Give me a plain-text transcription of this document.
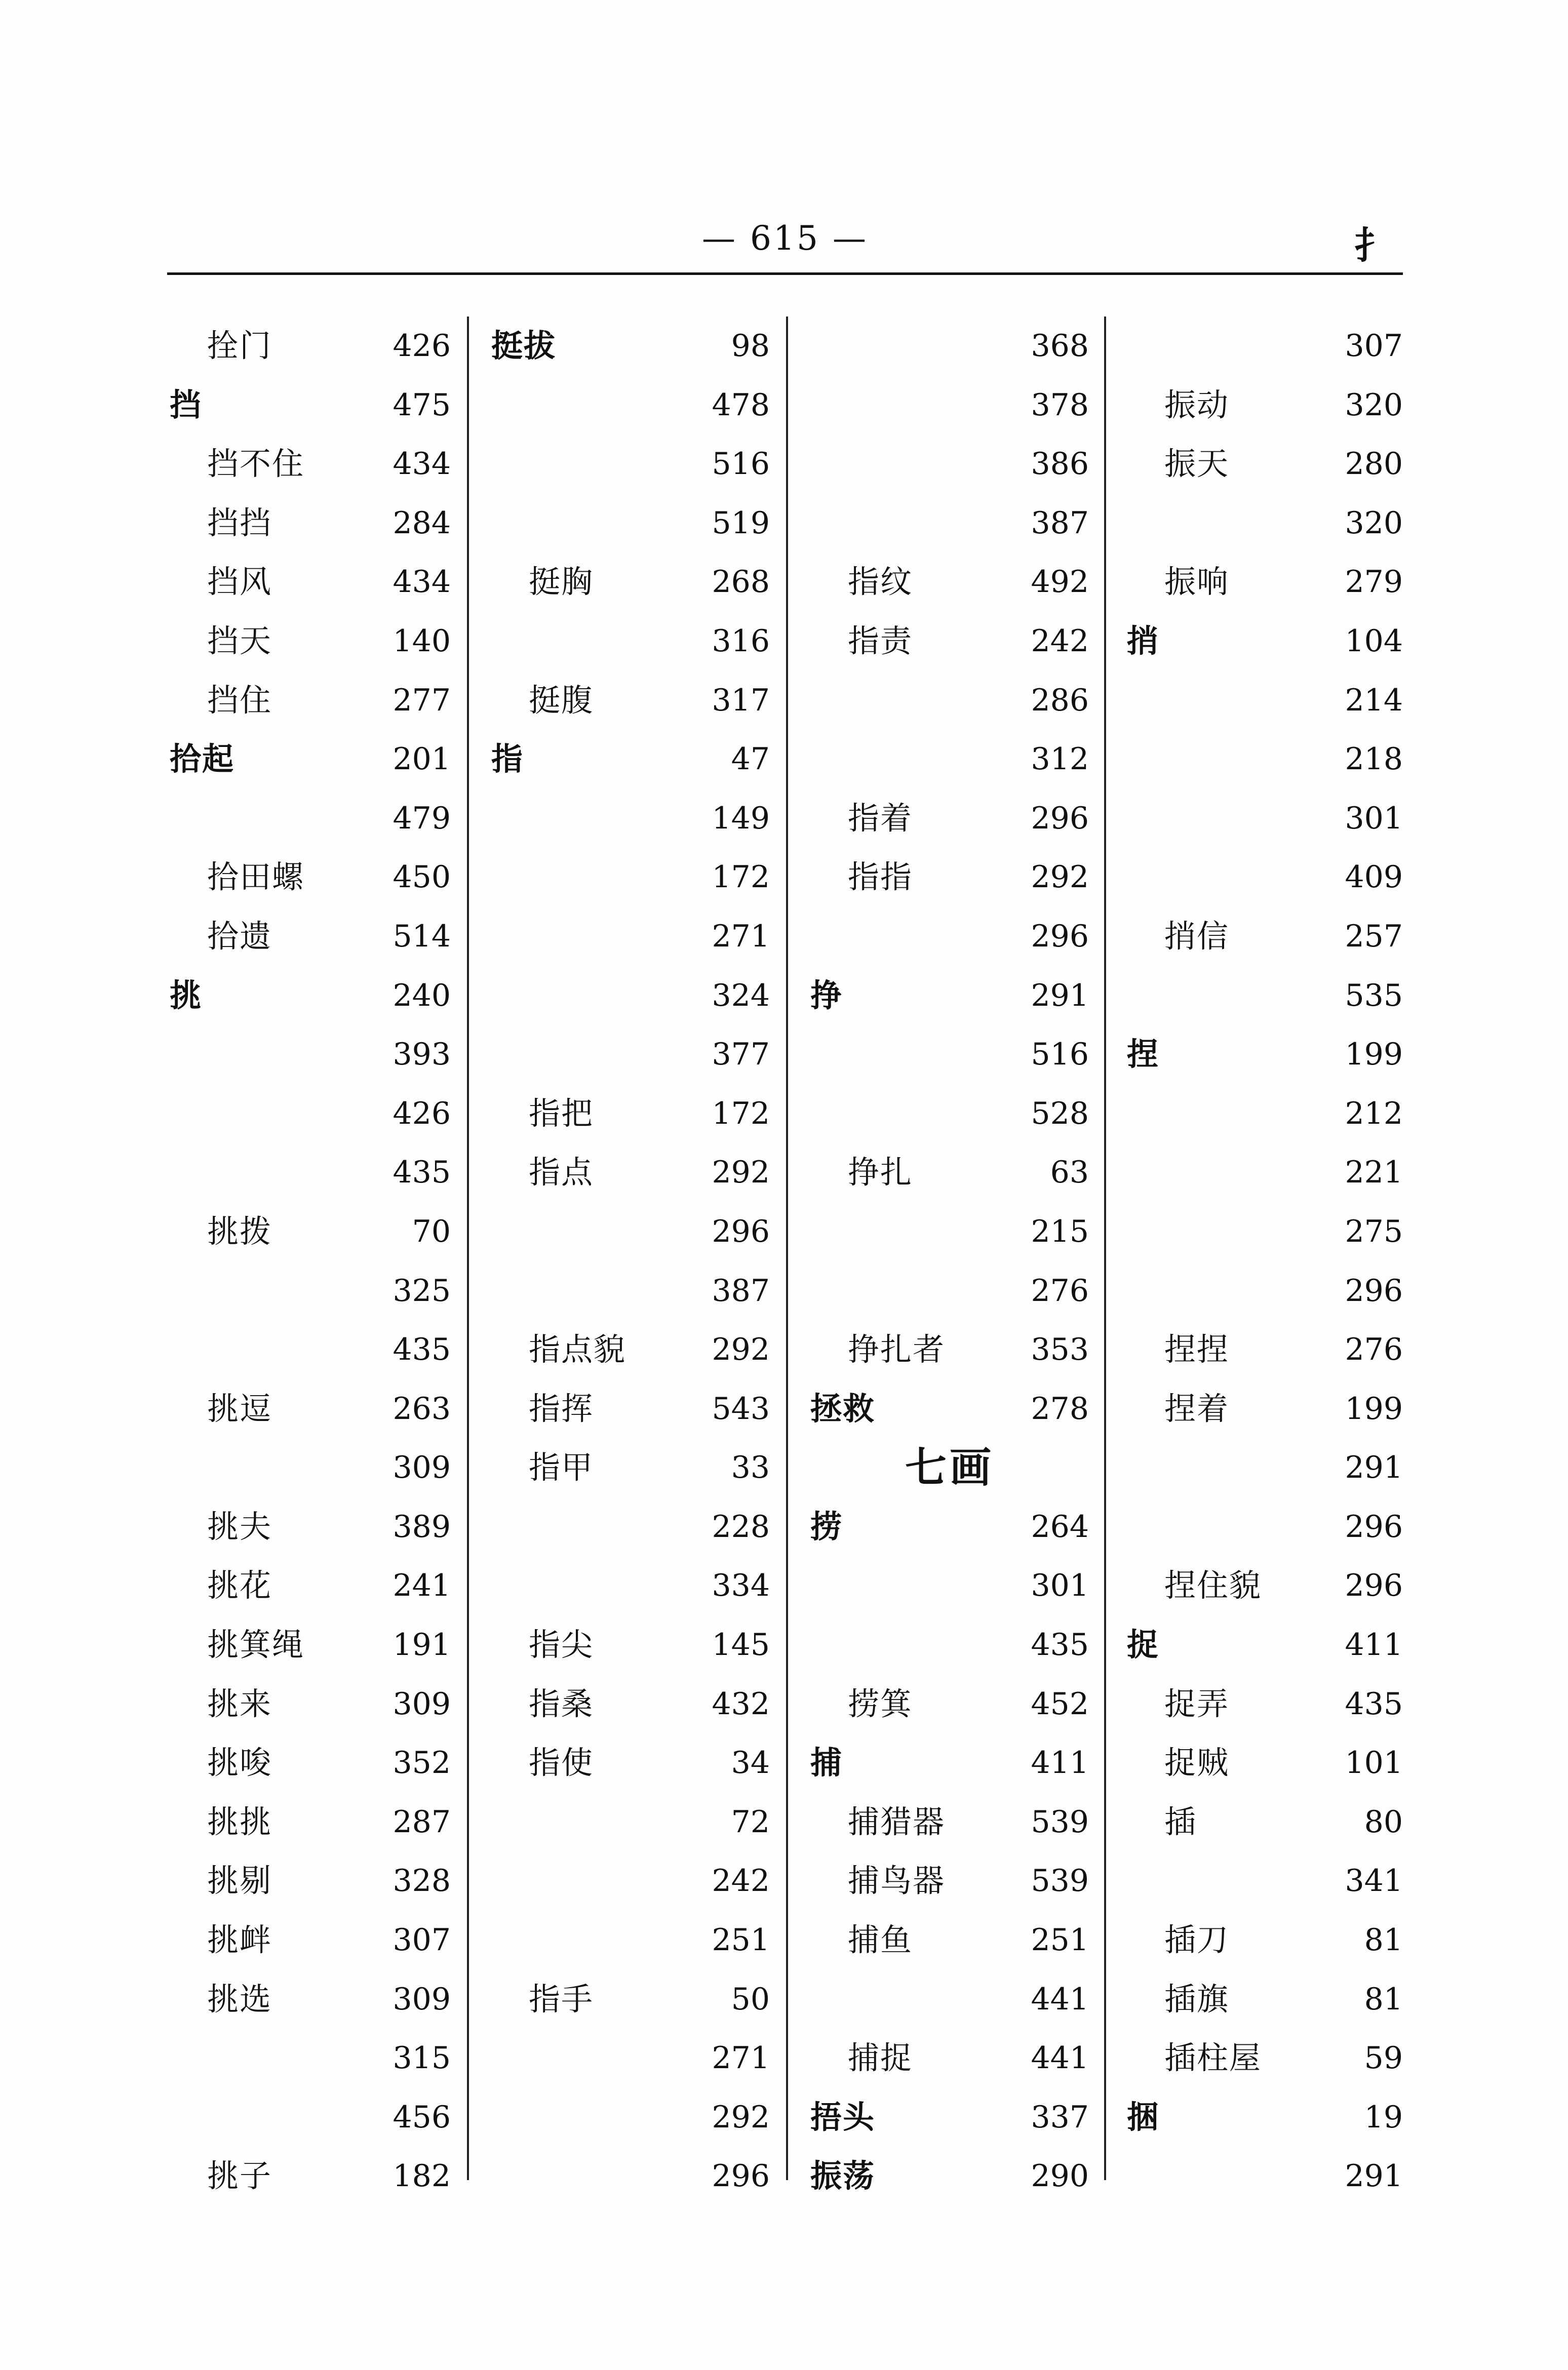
— 615 —	扌
拴门	426
挡	475
挡不住	434
挡挡	284
挡风	434
挡天	140
挡住	277
拾起	201
479
拾田螺	450
拾遗	514
挑	240
393
426
435
挑拨	70
325
435
挑逗	263
309
挑夫	389
挑花	241
挑箕绳	191
挑来	309
挑唆	352
挑挑	287
挑剔	328
挑衅	307
挑选	309
315
456
挑子	182
挺拔	98
478
516
519
挺胸	268
316
挺腹	317
指	47
149
172
271
324
377
指把	172
指点	292
296
387
指点貌	292
指挥	543
指甲	33
228
334
指尖	145
指桑	432
指使	34
72
242
251
指手	50
271
292
296
368
378
386
387
指纹	492
指责	242
286
312
指着	296
指指	292
296
挣	291
516
528
挣扎	63
215
276
挣扎者	353
拯救	278
七画
捞	264
301
435
捞箕	452
捕	411
捕猎器	539
捕鸟器	539
捕鱼	251
441
捕捉	441
捂头	337
振荡	290
307
振动	320
振天	280
320
振响	279
捎	104
214
218
301
409
捎信	257
535
捏	199
212
221
275
296
捏捏	276
捏着	199
291
296
捏住貌	296
捉	411
捉弄	435
捉贼	101
插	80
341
插刀	81
插旗	81
插柱屋	59
捆	19
291
